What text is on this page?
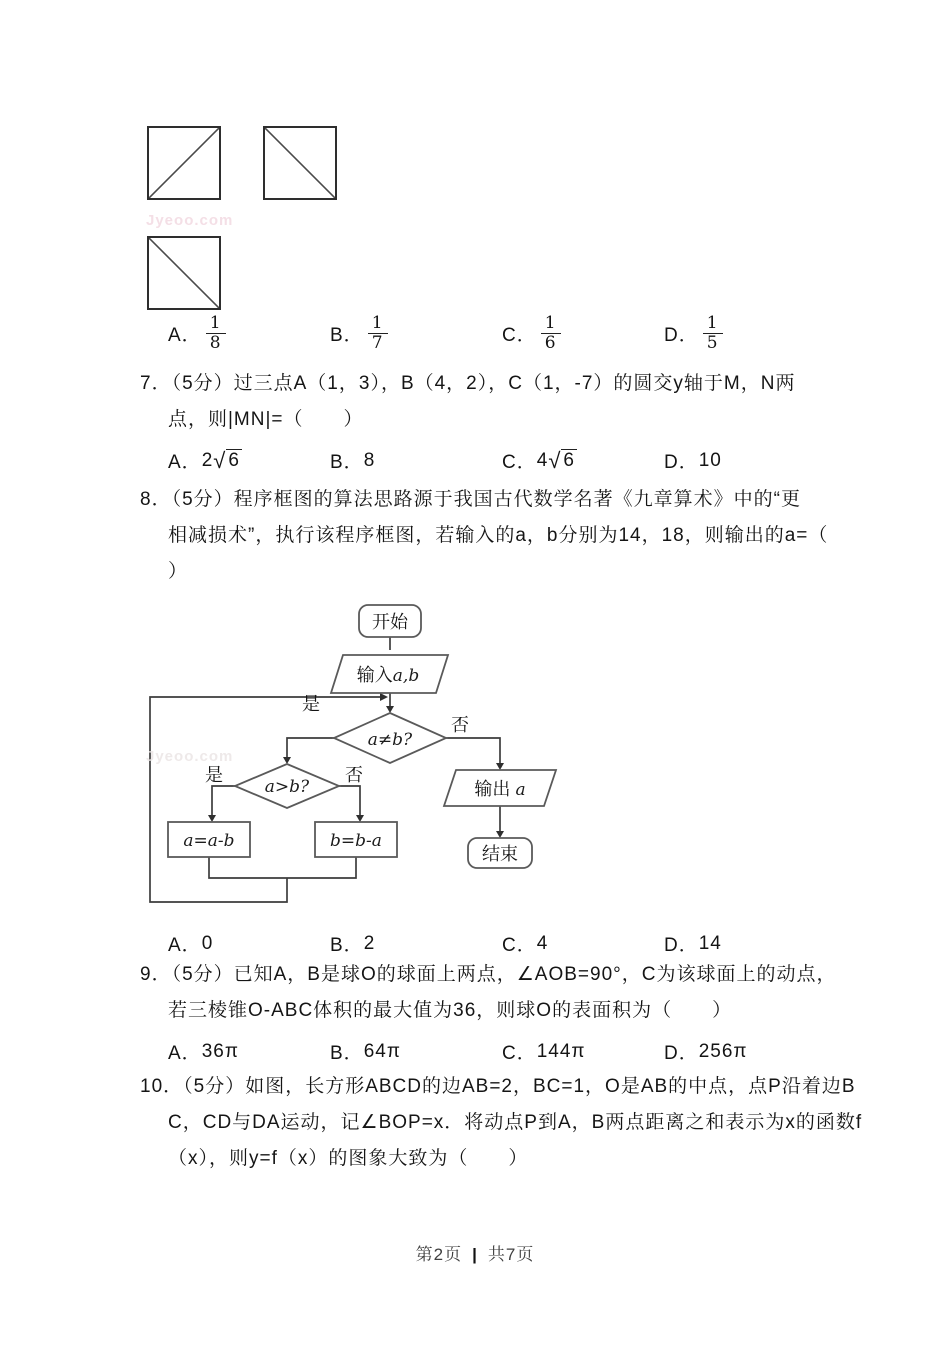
Jyeoo.com
A． $\frac{1}{8}$	B． $\frac{1}{7}$	C． $\frac{1}{6}$	D． $\frac{1}{5}$
7．（5分）过三点A（1，3），B（4，2），C（1，-7）的圆交y轴于M，N两
点，则|MN|=（　　）
A． 2 √ 6	B． 8	C． 4 √ 6	D． 10
8．（5分）程序框图的算法思路源于我国古代数学名著《九章算术》中的“更
相减损术”，执行该程序框图，若输入的a，b分别为14，18，则输出的a=（
）
开始
输入a,b
a≠b?
是
否
a>b?
是	否
a=a-b	b=b-a
输出 a
结束
Jyeoo.com
A． 0	B． 2	C． 4	D． 14
9．（5分）已知A，B是球O的球面上两点，∠AOB=90°，C为该球面上的动点，
若三棱锥O-ABC体积的最大值为36，则球O的表面积为（　　）
A． 36π	B． 64π	C． 144π	D． 256π
10．（5分）如图，长方形ABCD的边AB=2，BC=1，O是AB的中点，点P沿着边B
C，CD与DA运动，记∠BOP=x．将动点P到A，B两点距离之和表示为x的函数f
（x），则y=f（x）的图象大致为（　　）
第2页 | 共7页
